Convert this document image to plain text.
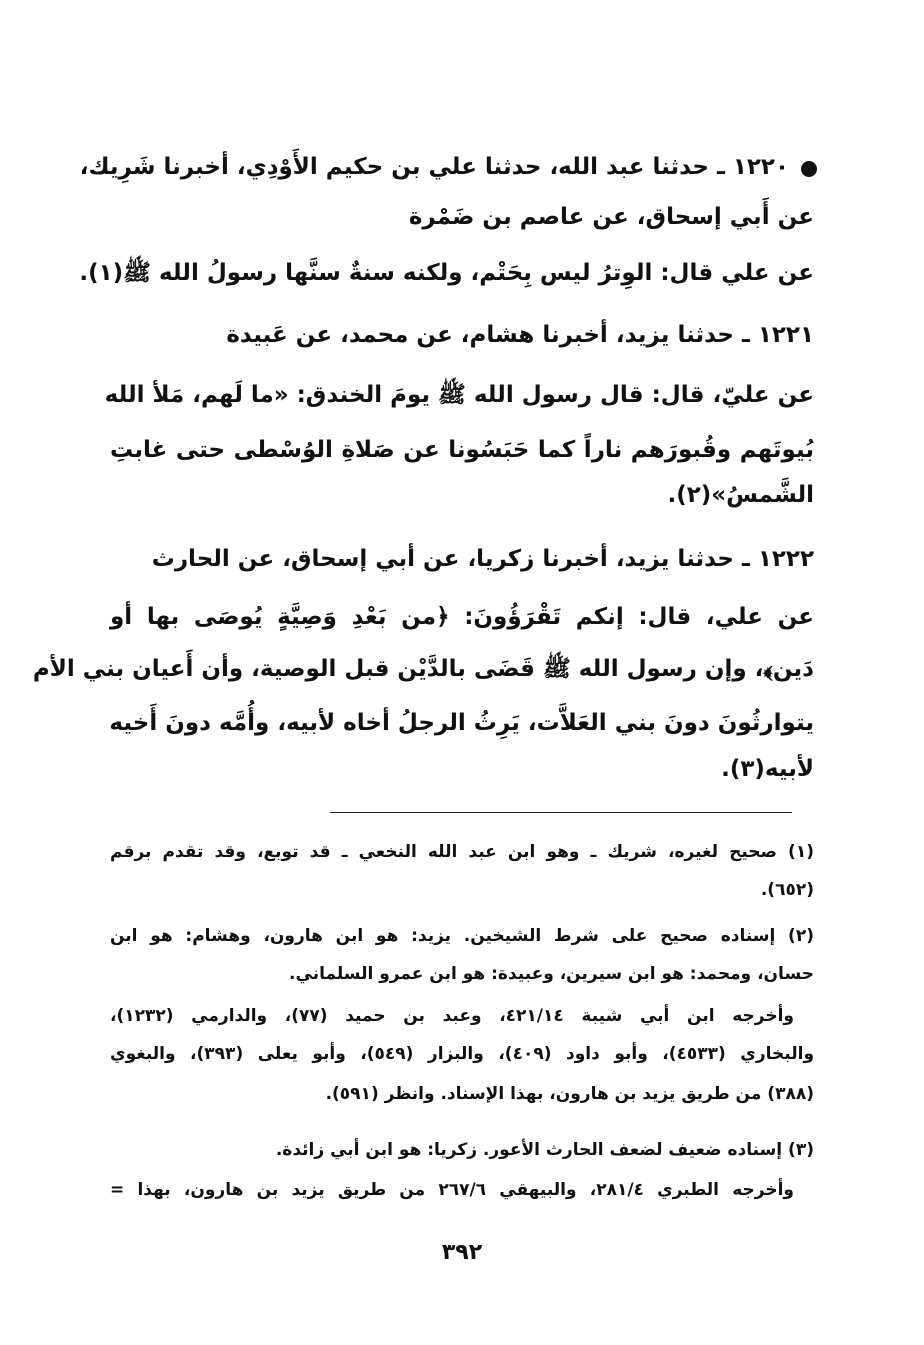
١٢٢٠ ـ حدثنا عبد الله، حدثنا علي بن حكيم الأَوْدِي، أخبرنا شَرِيك،
عن أَبي إسحاق، عن عاصم بن ضَمْرة
عن علي قال: الوِترُ ليس بِحَتْم، ولكنه سنةٌ سنَّها رسولُ الله ﷺ(١).
١٢٢١ ـ حدثنا يزيد، أخبرنا هشام، عن محمد، عن عَبيدة
عن عليّ، قال: قال رسول الله ﷺ يومَ الخندق: «ما لَهم، مَلأ الله
بُيوتَهم وقُبورَهم ناراً كما حَبَسُونا عن صَلاةِ الوُسْطى حتى غابتِ
الشَّمسُ»(٢).
١٢٢٢ ـ حدثنا يزيد، أخبرنا زكريا، عن أبي إسحاق، عن الحارث
عن علي، قال: إنكم تَقْرَؤُونَ: ﴿من بَعْدِ وَصِيَّةٍ يُوصَى بها أو
دَين﴾، وإن رسول الله ﷺ قَضَى بالدَّيْن قبل الوصية، وأن أَعيان بني الأم
يتوارثُونَ دونَ بني العَلاَّت، يَرِثُ الرجلُ أخاه لأبيه، وأُمَّه دونَ أَخيه
لأبيه(٣).
(١) صحيح لغيره، شريك ـ وهو ابن عبد الله النخعي ـ قد توبع، وقد تقدم برقم
(٦٥٢).
(٢) إسناده صحيح على شرط الشيخين. يزيد: هو ابن هارون، وهشام: هو ابن
حسان، ومحمد: هو ابن سيرين، وعبيدة: هو ابن عمرو السلماني.
وأخرجه ابن أبي شيبة ٤٢١/١٤، وعبد بن حميد (٧٧)، والدارمي (١٢٣٢)،
والبخاري (٤٥٣٣)، وأبو داود (٤٠٩)، والبزار (٥٤٩)، وأبو يعلى (٣٩٣)، والبغوي
(٣٨٨) من طريق يزيد بن هارون، بهذا الإسناد. وانظر (٥٩١).
(٣) إسناده ضعيف لضعف الحارث الأعور. زكريا: هو ابن أبي زائدة.
وأخرجه الطبري ٢٨١/٤، والبيهقي ٢٦٧/٦ من طريق يزيد بن هارون، بهذا =
٣٩٢
